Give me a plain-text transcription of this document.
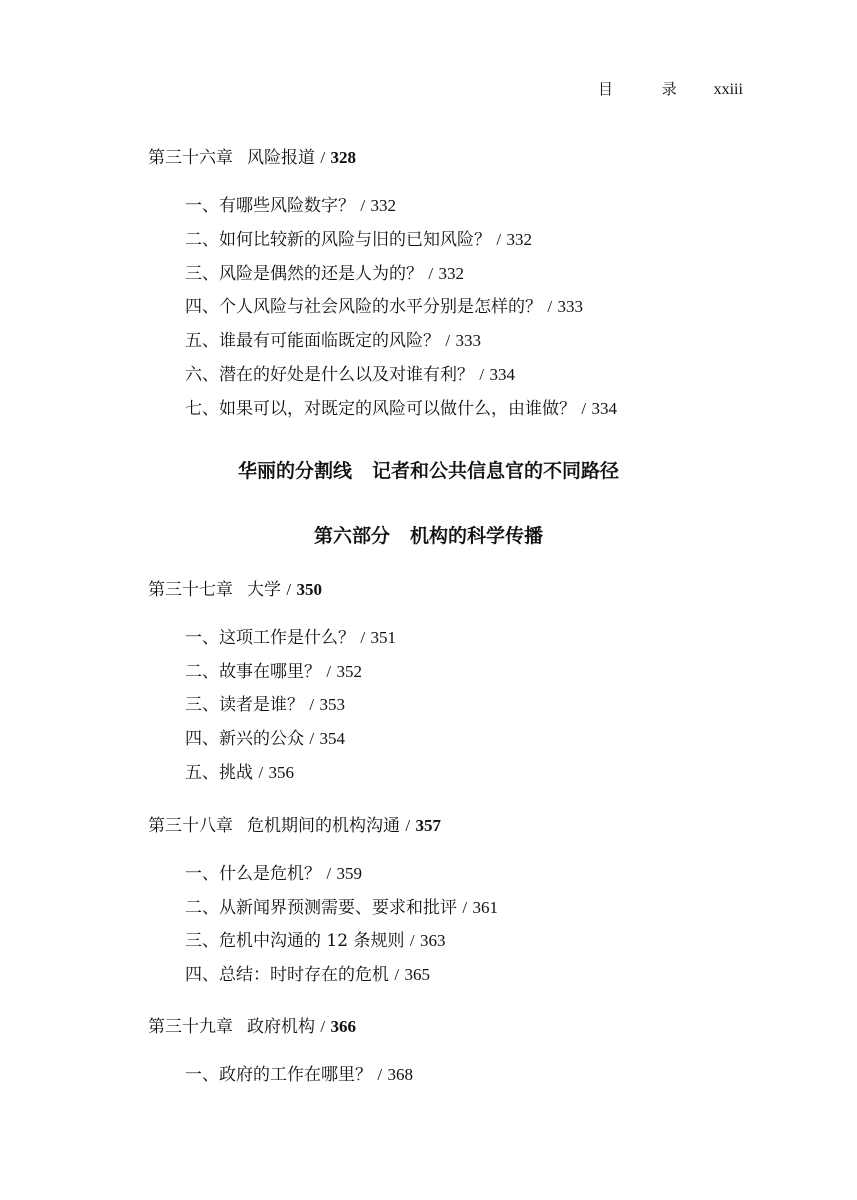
目 录 xxiii
第三十六章 风险报道 / 328
一、有哪些风险数字？ / 332
二、如何比较新的风险与旧的已知风险？ / 332
三、风险是偶然的还是人为的？ / 332
四、个人风险与社会风险的水平分别是怎样的？ / 333
五、谁最有可能面临既定的风险？ / 333
六、潜在的好处是什么以及对谁有利？ / 334
七、如果可以，对既定的风险可以做什么，由谁做？ / 334
华丽的分割线 记者和公共信息官的不同路径
第六部分 机构的科学传播
第三十七章 大学 / 350
一、这项工作是什么？ / 351
二、故事在哪里？ / 352
三、读者是谁？ / 353
四、新兴的公众 / 354
五、挑战 / 356
第三十八章 危机期间的机构沟通 / 357
一、什么是危机？ / 359
二、从新闻界预测需要、要求和批评 / 361
三、危机中沟通的 12 条规则 / 363
四、总结：时时存在的危机 / 365
第三十九章 政府机构 / 366
一、政府的工作在哪里？ / 368
